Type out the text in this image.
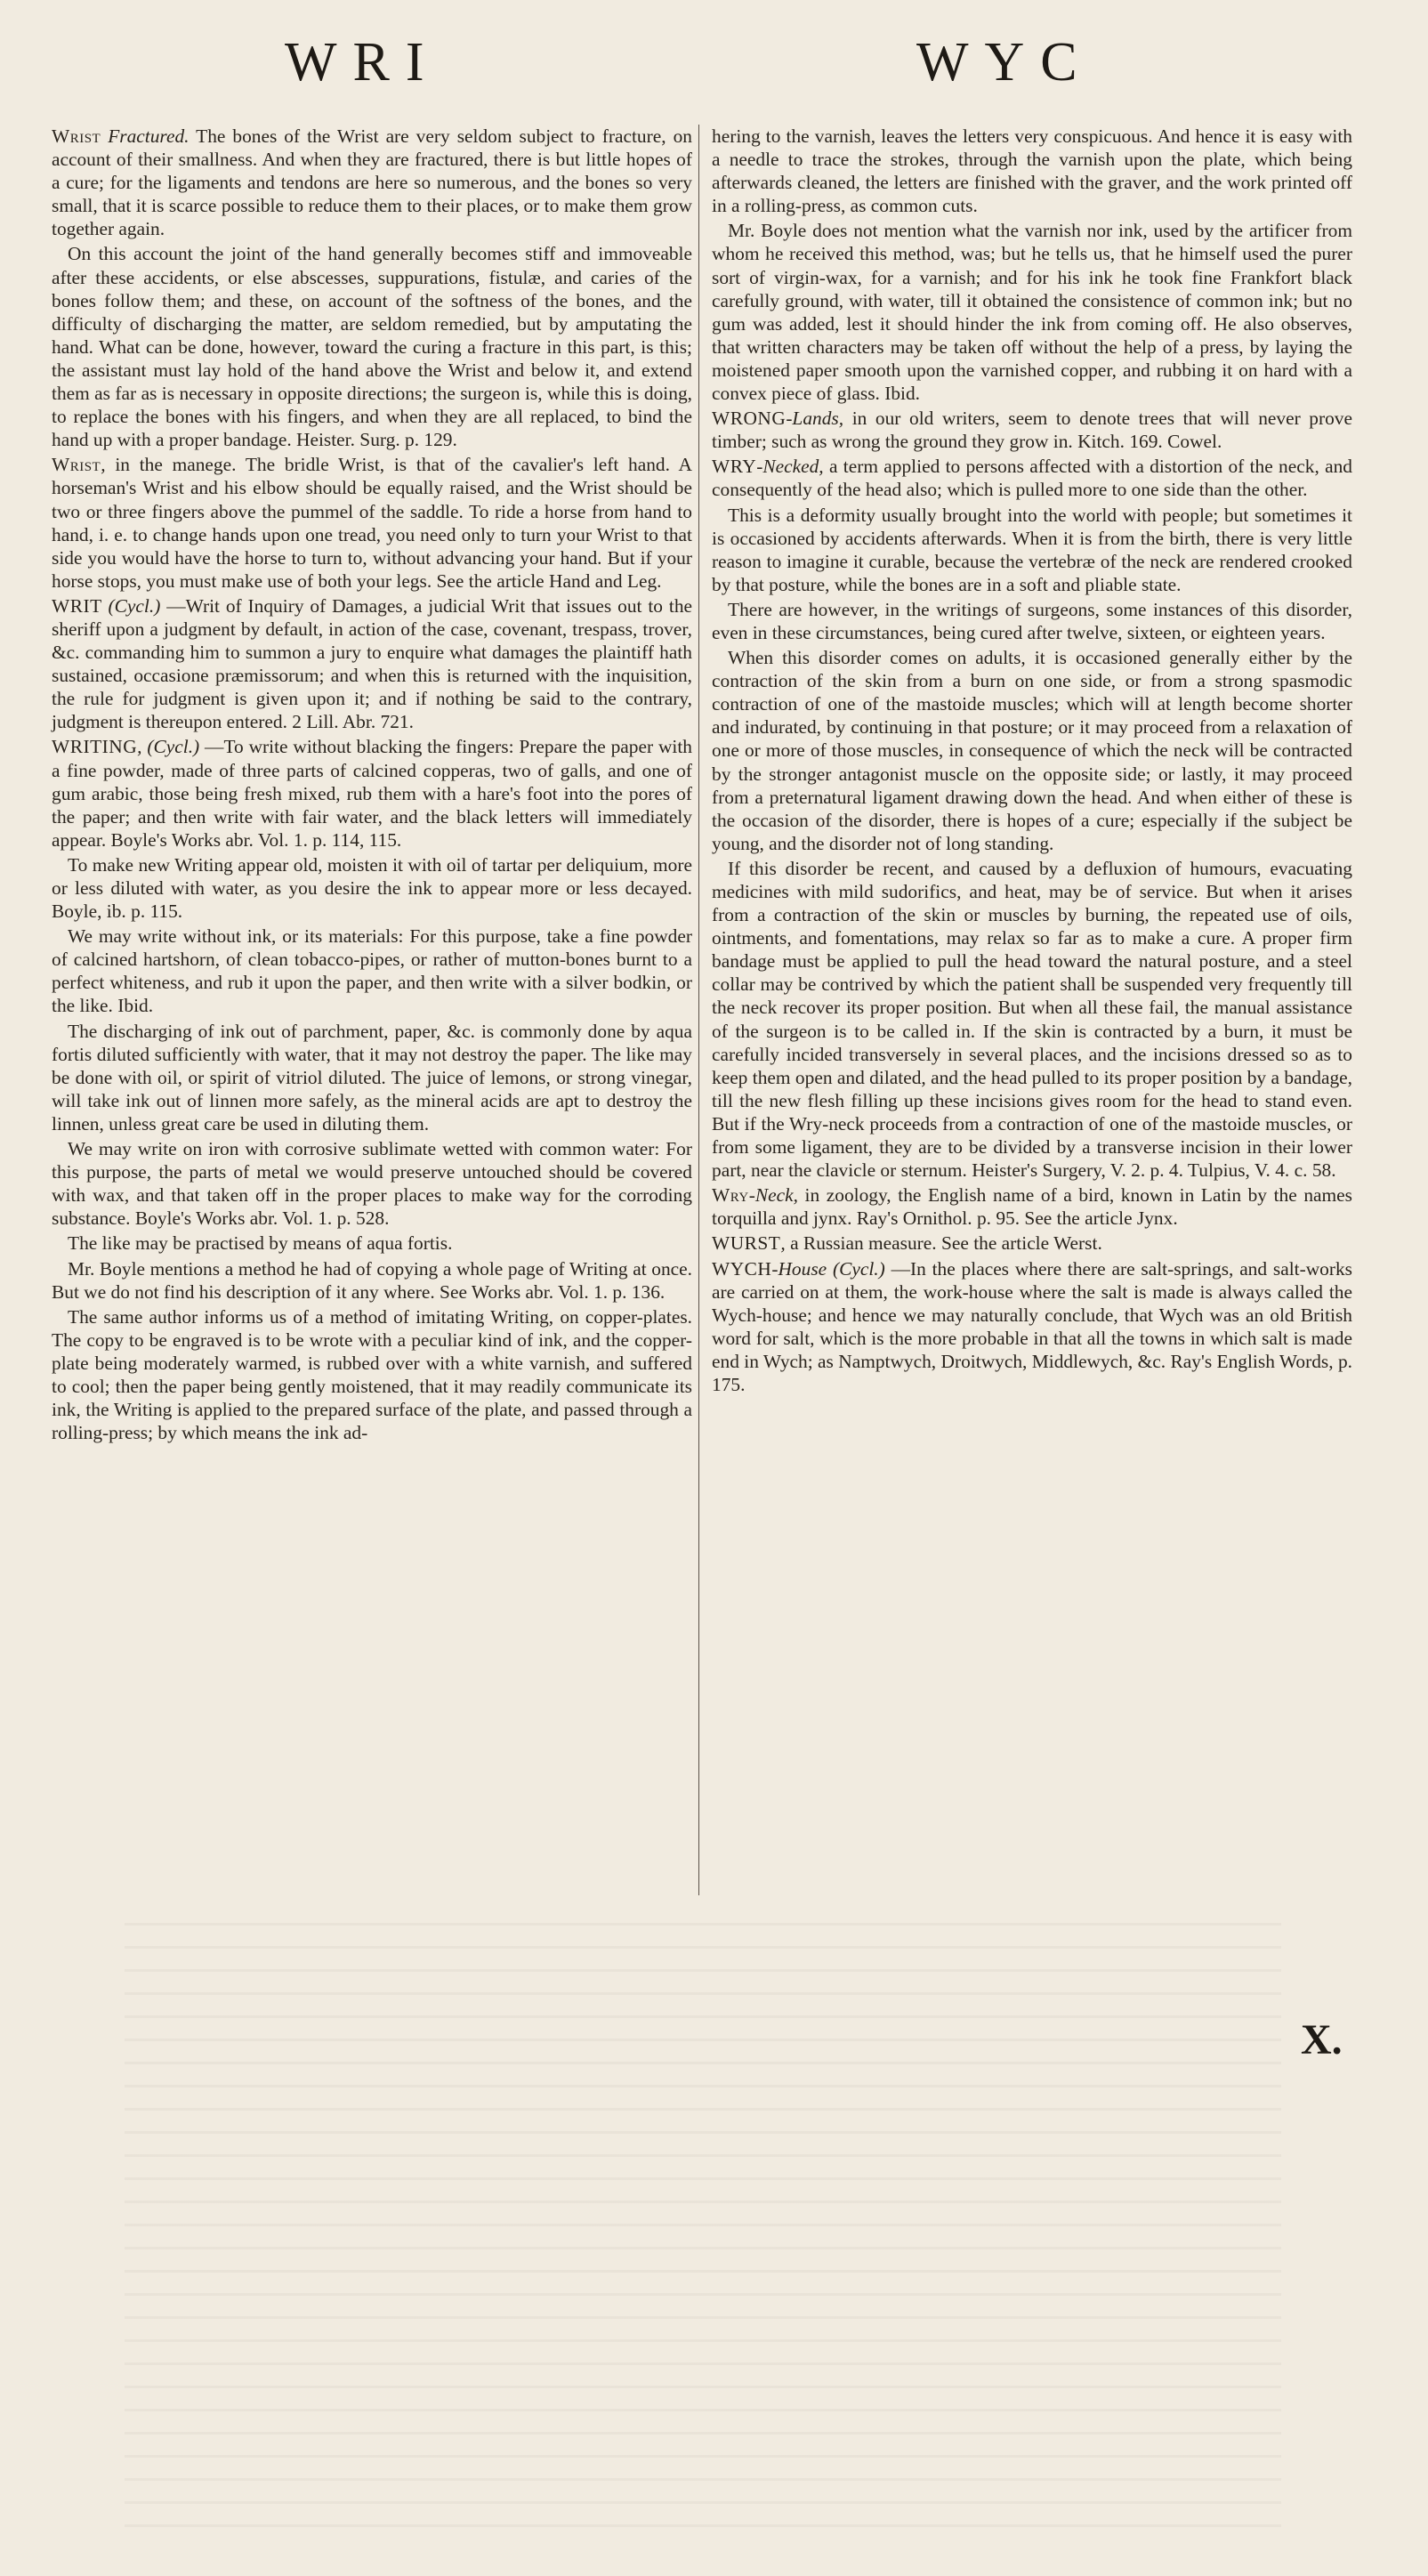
WRI	WYC

Wrist Fractured. The bones of the Wrist are very seldom subject to fracture, on account of their smallness. And when they are fractured, there is but little hopes of a cure; for the ligaments and tendons are here so numerous, and the bones so very small, that it is scarce possible to reduce them to their places, or to make them grow together again.

On this account the joint of the hand generally becomes stiff and immoveable after these accidents, or else abscesses, suppurations, fistulæ, and caries of the bones follow them; and these, on account of the softness of the bones, and the difficulty of discharging the matter, are seldom remedied, but by amputating the hand. What can be done, however, toward the curing a fracture in this part, is this; the assistant must lay hold of the hand above the Wrist and below it, and extend them as far as is necessary in opposite directions; the surgeon is, while this is doing, to replace the bones with his fingers, and when they are all replaced, to bind the hand up with a proper bandage. Heister. Surg. p. 129.

Wrist, in the manege. The bridle Wrist, is that of the cavalier's left hand. A horseman's Wrist and his elbow should be equally raised, and the Wrist should be two or three fingers above the pummel of the saddle. To ride a horse from hand to hand, i. e. to change hands upon one tread, you need only to turn your Wrist to that side you would have the horse to turn to, without advancing your hand. But if your horse stops, you must make use of both your legs. See the article Hand and Leg.

WRIT (Cycl.) —Writ of Inquiry of Damages, a judicial Writ that issues out to the sheriff upon a judgment by default, in action of the case, covenant, trespass, trover, &c. commanding him to summon a jury to enquire what damages the plaintiff hath sustained, occasione præmissorum; and when this is returned with the inquisition, the rule for judgment is given upon it; and if nothing be said to the contrary, judgment is thereupon entered. 2 Lill. Abr. 721.

WRITING, (Cycl.) —To write without blacking the fingers: Prepare the paper with a fine powder, made of three parts of calcined copperas, two of galls, and one of gum arabic, those being fresh mixed, rub them with a hare's foot into the pores of the paper; and then write with fair water, and the black letters will immediately appear. Boyle's Works abr. Vol. 1. p. 114, 115.

To make new Writing appear old, moisten it with oil of tartar per deliquium, more or less diluted with water, as you desire the ink to appear more or less decayed. Boyle, ib. p. 115.

We may write without ink, or its materials: For this purpose, take a fine powder of calcined hartshorn, of clean tobacco-pipes, or rather of mutton-bones burnt to a perfect whiteness, and rub it upon the paper, and then write with a silver bodkin, or the like. Ibid.

The discharging of ink out of parchment, paper, &c. is commonly done by aqua fortis diluted sufficiently with water, that it may not destroy the paper. The like may be done with oil, or spirit of vitriol diluted. The juice of lemons, or strong vinegar, will take ink out of linnen more safely, as the mineral acids are apt to destroy the linnen, unless great care be used in diluting them.

We may write on iron with corrosive sublimate wetted with common water: For this purpose, the parts of metal we would preserve untouched should be covered with wax, and that taken off in the proper places to make way for the corroding substance. Boyle's Works abr. Vol. 1. p. 528.

The like may be practised by means of aqua fortis.

Mr. Boyle mentions a method he had of copying a whole page of Writing at once. But we do not find his description of it any where. See Works abr. Vol. 1. p. 136.

The same author informs us of a method of imitating Writing, on copper-plates. The copy to be engraved is to be wrote with a peculiar kind of ink, and the copper-plate being moderately warmed, is rubbed over with a white varnish, and suffered to cool; then the paper being gently moistened, that it may readily communicate its ink, the Writing is applied to the prepared surface of the plate, and passed through a rolling-press; by which means the ink ad-

hering to the varnish, leaves the letters very conspicuous. And hence it is easy with a needle to trace the strokes, through the varnish upon the plate, which being afterwards cleaned, the letters are finished with the graver, and the work printed off in a rolling-press, as common cuts.

Mr. Boyle does not mention what the varnish nor ink, used by the artificer from whom he received this method, was; but he tells us, that he himself used the purer sort of virgin-wax, for a varnish; and for his ink he took fine Frankfort black carefully ground, with water, till it obtained the consistence of common ink; but no gum was added, lest it should hinder the ink from coming off. He also observes, that written characters may be taken off without the help of a press, by laying the moistened paper smooth upon the varnished copper, and rubbing it on hard with a convex piece of glass. Ibid.

WRONG-Lands, in our old writers, seem to denote trees that will never prove timber; such as wrong the ground they grow in. Kitch. 169. Cowel.

WRY-Necked, a term applied to persons affected with a distortion of the neck, and consequently of the head also; which is pulled more to one side than the other.

This is a deformity usually brought into the world with people; but sometimes it is occasioned by accidents afterwards. When it is from the birth, there is very little reason to imagine it curable, because the vertebræ of the neck are rendered crooked by that posture, while the bones are in a soft and pliable state.

There are however, in the writings of surgeons, some instances of this disorder, even in these circumstances, being cured after twelve, sixteen, or eighteen years.

When this disorder comes on adults, it is occasioned generally either by the contraction of the skin from a burn on one side, or from a strong spasmodic contraction of one of the mastoide muscles; which will at length become shorter and indurated, by continuing in that posture; or it may proceed from a relaxation of one or more of those muscles, in consequence of which the neck will be contracted by the stronger antagonist muscle on the opposite side; or lastly, it may proceed from a preternatural ligament drawing down the head. And when either of these is the occasion of the disorder, there is hopes of a cure; especially if the subject be young, and the disorder not of long standing.

If this disorder be recent, and caused by a defluxion of humours, evacuating medicines with mild sudorifics, and heat, may be of service. But when it arises from a contraction of the skin or muscles by burning, the repeated use of oils, ointments, and fomentations, may relax so far as to make a cure. A proper firm bandage must be applied to pull the head toward the natural posture, and a steel collar may be contrived by which the patient shall be suspended very frequently till the neck recover its proper position. But when all these fail, the manual assistance of the surgeon is to be called in. If the skin is contracted by a burn, it must be carefully incided transversely in several places, and the incisions dressed so as to keep them open and dilated, and the head pulled to its proper position by a bandage, till the new flesh filling up these incisions gives room for the head to stand even. But if the Wry-neck proceeds from a contraction of one of the mastoide muscles, or from some ligament, they are to be divided by a transverse incision in their lower part, near the clavicle or sternum. Heister's Surgery, V. 2. p. 4. Tulpius, V. 4. c. 58.

Wry-Neck, in zoology, the English name of a bird, known in Latin by the names torquilla and jynx. Ray's Ornithol. p. 95. See the article Jynx.

WURST, a Russian measure. See the article Werst.

WYCH-House (Cycl.) —In the places where there are salt-springs, and salt-works are carried on at them, the work-house where the salt is made is always called the Wych-house; and hence we may naturally conclude, that Wych was an old British word for salt, which is the more probable in that all the towns in which salt is made end in Wych; as Namptwych, Droitwych, Middlewych, &c. Ray's English Words, p. 175.

X.
